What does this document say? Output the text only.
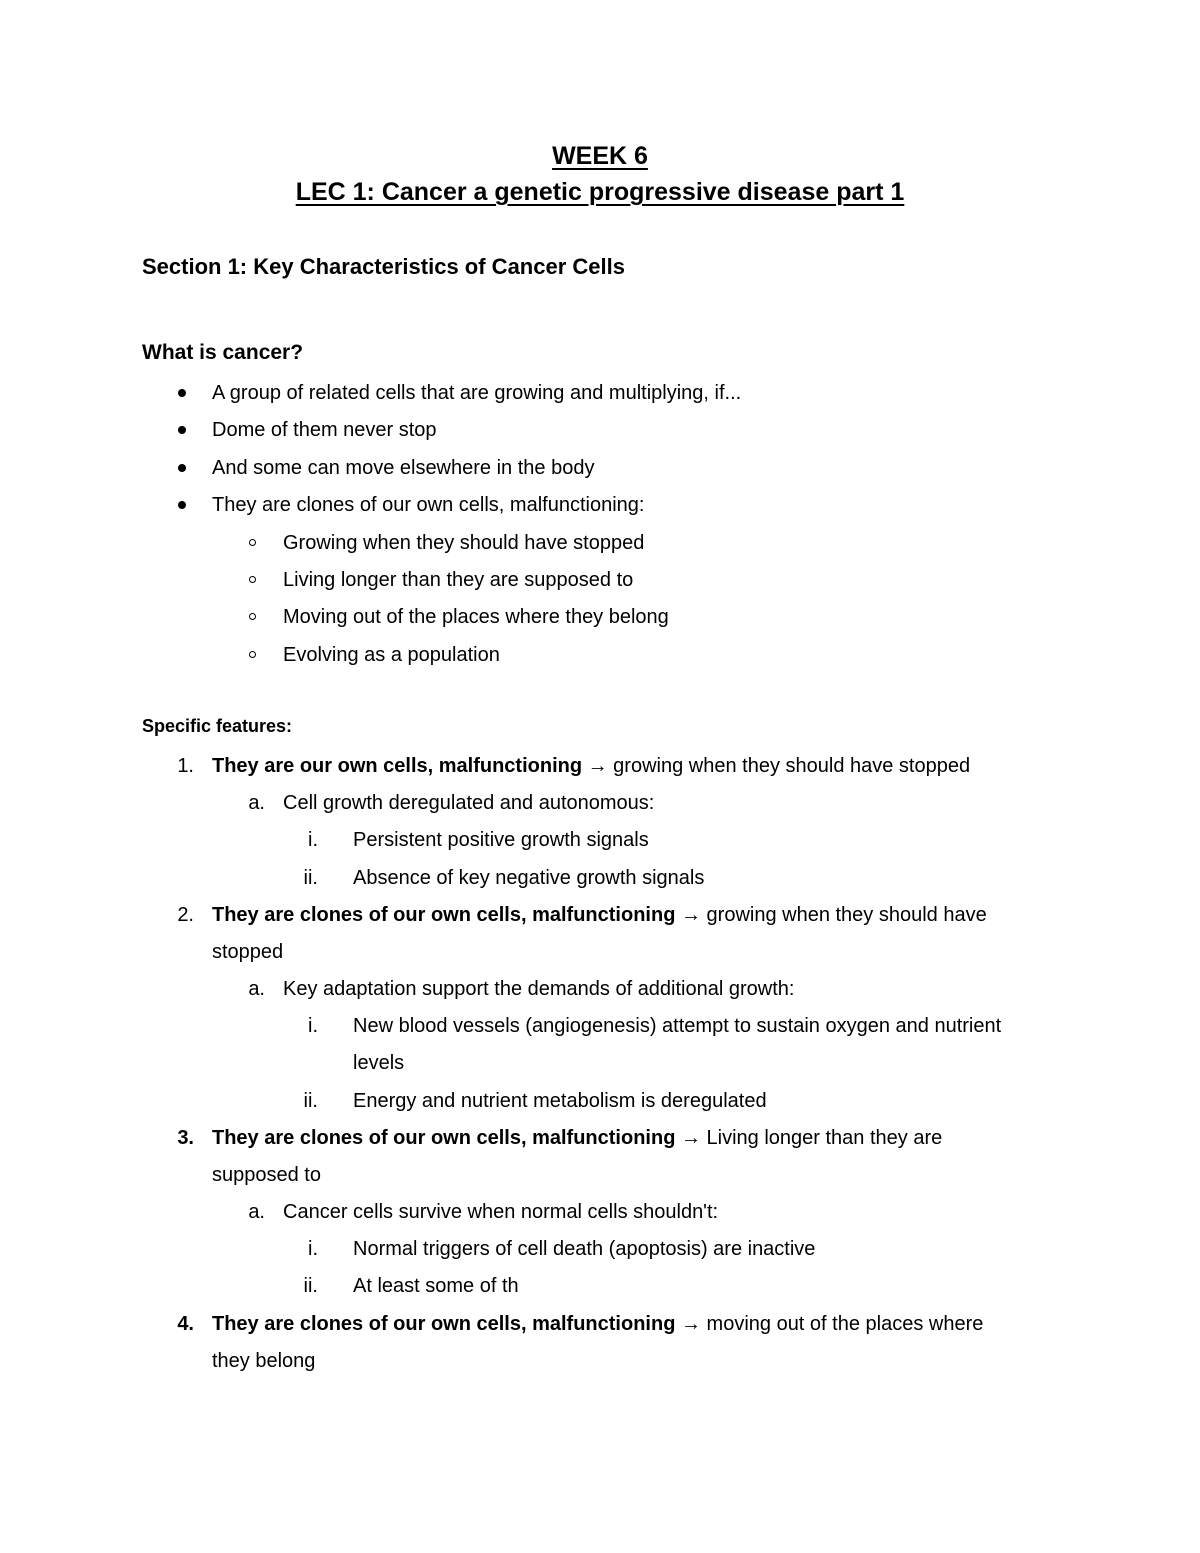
WEEK 6
LEC 1: Cancer a genetic progressive disease part 1
Section 1: Key Characteristics of Cancer Cells
What is cancer?
A group of related cells that are growing and multiplying, if...
Dome of them never stop
And some can move elsewhere in the body
They are clones of our own cells, malfunctioning:
Growing when they should have stopped
Living longer than they are supposed to
Moving out of the places where they belong
Evolving as a population
Specific features:
1. They are our own cells, malfunctioning → growing when they should have stopped
a. Cell growth deregulated and autonomous:
i. Persistent positive growth signals
ii. Absence of key negative growth signals
2. They are clones of our own cells, malfunctioning → growing when they should have
stopped
a. Key adaptation support the demands of additional growth:
i. New blood vessels (angiogenesis) attempt to sustain oxygen and nutrient
levels
ii. Energy and nutrient metabolism is deregulated
3. They are clones of our own cells, malfunctioning → Living longer than they are
supposed to
a. Cancer cells survive when normal cells shouldn't:
i. Normal triggers of cell death (apoptosis) are inactive
ii. At least some of th
4. They are clones of our own cells, malfunctioning → moving out of the places where
they belong
